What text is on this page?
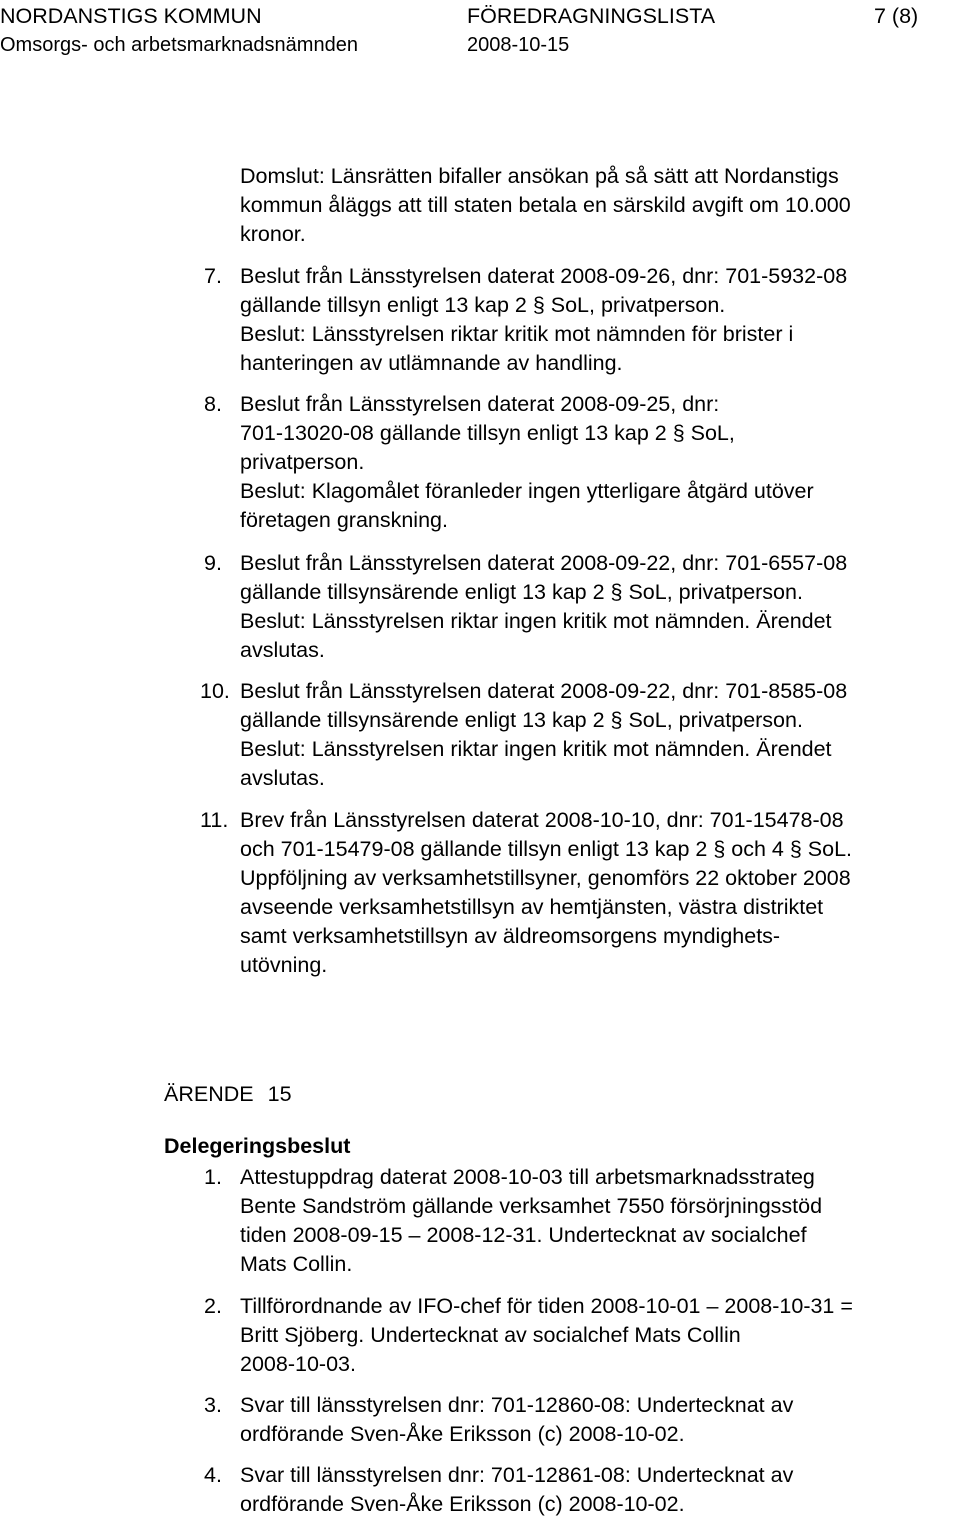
NORDANSTIGS KOMMUN	FÖREDRAGNINGSLISTA	7 (8)
Omsorgs- och arbetsmarknadsnämnden	2008-10-15
Domslut: Länsrätten bifaller ansökan på så sätt att Nordanstigs
kommun åläggs att till staten betala en särskild avgift om 10.000
kronor.
7. Beslut från Länsstyrelsen daterat 2008-09-26, dnr: 701-5932-08
gällande tillsyn enligt 13 kap 2 § SoL, privatperson.
Beslut: Länsstyrelsen riktar kritik mot nämnden för brister i
hanteringen av utlämnande av handling.
8. Beslut från Länsstyrelsen daterat 2008-09-25, dnr:
701-13020-08 gällande tillsyn enligt 13 kap 2 § SoL,
privatperson.
Beslut: Klagomålet föranleder ingen ytterligare åtgärd utöver
företagen granskning.
9. Beslut från Länsstyrelsen daterat 2008-09-22, dnr: 701-6557-08
gällande tillsynsärende enligt 13 kap 2 § SoL, privatperson.
Beslut: Länsstyrelsen riktar ingen kritik mot nämnden. Ärendet
avslutas.
10. Beslut från Länsstyrelsen daterat 2008-09-22, dnr: 701-8585-08
gällande tillsynsärende enligt 13 kap 2 § SoL, privatperson.
Beslut: Länsstyrelsen riktar ingen kritik mot nämnden. Ärendet
avslutas.
11. Brev från Länsstyrelsen daterat 2008-10-10, dnr: 701-15478-08
och 701-15479-08 gällande tillsyn enligt 13 kap 2 § och 4 § SoL.
Uppföljning av verksamhetstillsyner, genomförs 22 oktober 2008
avseende verksamhetstillsyn av hemtjänsten, västra distriktet
samt verksamhetstillsyn av äldreomsorgens myndighets-
utövning.
ÄRENDE 15
Delegeringsbeslut
1. Attestuppdrag daterat 2008-10-03 till arbetsmarknadsstrateg
Bente Sandström gällande verksamhet 7550 försörjningsstöd
tiden 2008-09-15 – 2008-12-31. Undertecknat av socialchef
Mats Collin.
2. Tillförordnande av IFO-chef för tiden 2008-10-01 – 2008-10-31 =
Britt Sjöberg. Undertecknat av socialchef Mats Collin
2008-10-03.
3. Svar till länsstyrelsen dnr: 701-12860-08: Undertecknat av
ordförande Sven-Åke Eriksson (c) 2008-10-02.
4. Svar till länsstyrelsen dnr: 701-12861-08: Undertecknat av
ordförande Sven-Åke Eriksson (c) 2008-10-02.
